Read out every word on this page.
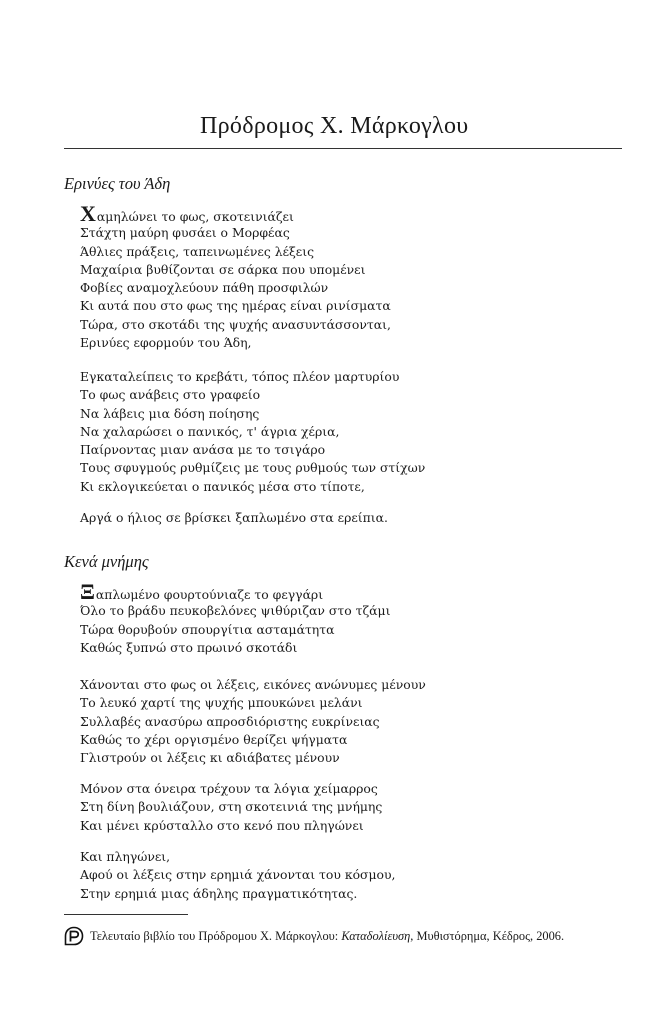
Πρόδρομος Χ. Μάρκογλου
Ερινύες του Άδη
Χαμηλώνει το φως, σκοτεινιάζει
Στάχτη μαύρη φυσάει ο Μορφέας
Άθλιες πράξεις, ταπεινωμένες λέξεις
Μαχαίρια βυθίζονται σε σάρκα που υπομένει
Φοβίες αναμοχλεύουν πάθη προσφιλών
Κι αυτά που στο φως της ημέρας είναι ρινίσματα
Τώρα, στο σκοτάδι της ψυχής ανασυντάσσονται,
Ερινύες εφορμούν του Άδη,
Εγκαταλείπεις το κρεβάτι, τόπος πλέον μαρτυρίου
Το φως ανάβεις στο γραφείο
Να λάβεις μια δόση ποίησης
Να χαλαρώσει ο πανικός, τ' άγρια χέρια,
Παίρνοντας μιαν ανάσα με το τσιγάρο
Τους σφυγμούς ρυθμίζεις με τους ρυθμούς των στίχων
Κι εκλογικεύεται ο πανικός μέσα στο τίποτε,
Αργά ο ήλιος σε βρίσκει ξαπλωμένο στα ερείπια.
Κενά μνήμης
Ξαπλωμένο φουρτούνιαζε το φεγγάρι
Όλο το βράδυ πευκοβελόνες ψιθύριζαν στο τζάμι
Τώρα θορυβούν σπουργίτια ασταμάτητα
Καθώς ξυπνώ στο πρωινό σκοτάδι
Χάνονται στο φως οι λέξεις, εικόνες ανώνυμες μένουν
Το λευκό χαρτί της ψυχής μπουκώνει μελάνι
Συλλαβές ανασύρω απροσδιόριστης ευκρίνειας
Καθώς το χέρι οργισμένο θερίζει ψήγματα
Γλιστρούν οι λέξεις κι αδιάβατες μένουν
Μόνον στα όνειρα τρέχουν τα λόγια χείμαρρος
Στη δίνη βουλιάζουν, στη σκοτεινιά της μνήμης
Και μένει κρύσταλλο στο κενό που πληγώνει
Και πληγώνει,
Αφού οι λέξεις στην ερημιά χάνονται του κόσμου,
Στην ερημιά μιας άδηλης πραγματικότητας.
Τελευταίο βιβλίο του Πρόδρομου Χ. Μάρκογλου: Καταδολίευση, Μυθιστόρημα, Κέδρος, 2006.
